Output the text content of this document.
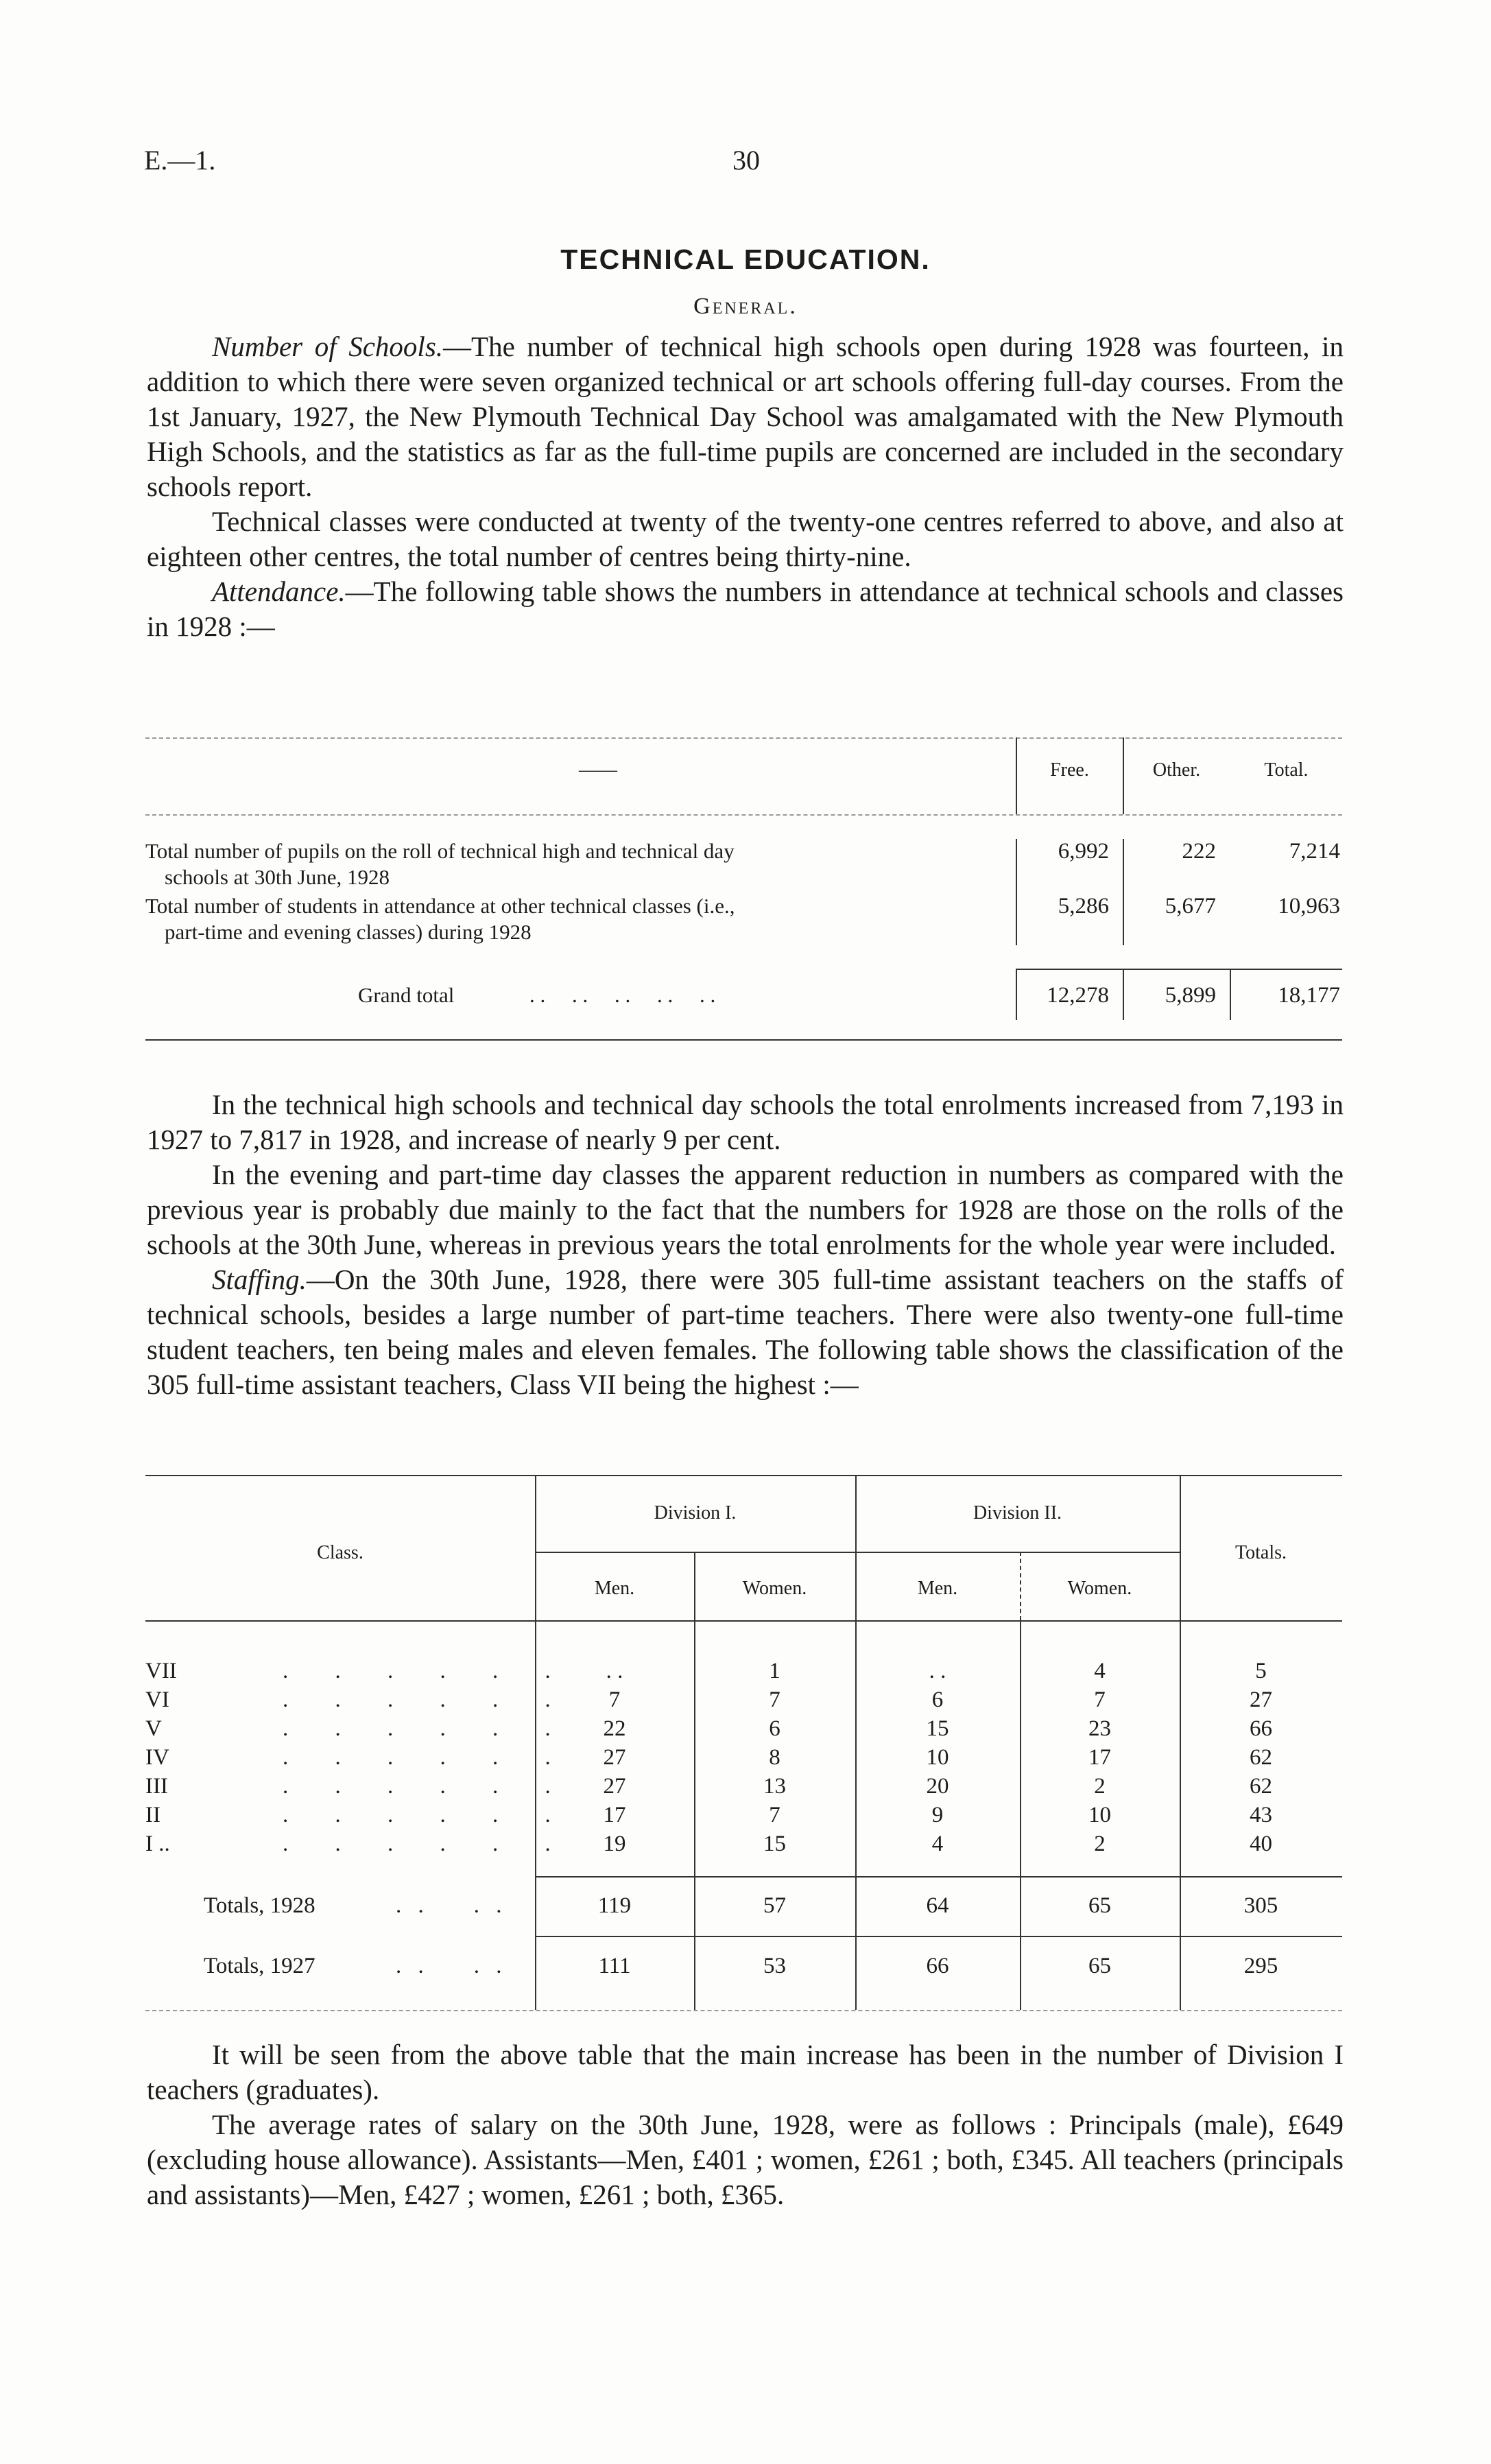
E.—1.	30
TECHNICAL EDUCATION.
General.

Number of Schools.—The number of technical high schools open during 1928 was fourteen, in addition to which there were seven organized technical or art schools offering full-day courses. From the 1st January, 1927, the New Plymouth Technical Day School was amalgamated with the New Plymouth High Schools, and the statistics as far as the full-time pupils are concerned are included in the secondary schools report.

Technical classes were conducted at twenty of the twenty-one centres referred to above, and also at eighteen other centres, the total number of centres being thirty-nine.

Attendance.—The following table shows the numbers in attendance at technical schools and classes in 1928 :—

——	Free.	Other.	Total.
Total number of pupils on the roll of technical high and technical day
schools at 30th June, 1928
6,992	222	7,214
Total number of students in attendance at other technical classes (i.e.,
part-time and evening classes) during 1928
5,286	5,677	10,963
Grand total	. .     . .     . .     . .     . .	12,278	5,899	18,177

In the technical high schools and technical day schools the total enrolments increased from 7,193 in 1927 to 7,817 in 1928, and increase of nearly 9 per cent.

In the evening and part-time day classes the apparent reduction in numbers as compared with the previous year is probably due mainly to the fact that the numbers for 1928 are those on the rolls of the schools at the 30th June, whereas in previous years the total enrolments for the whole year were included.

Staffing.—On the 30th June, 1928, there were 305 full-time assistant teachers on the staffs of technical schools, besides a large number of part-time teachers. There were also twenty-one full-time student teachers, ten being males and eleven females. The following table shows the classification of the 305 full-time assistant teachers, Class VII being the highest :—

Class.
Division I.	Division II.
Totals.
Men.	Women.	Men.	Women.
VII	. . . . . .	. .	1	. .	4	5
VI	. . . . . .	7	7	6	7	27
V	. . . . . .	22	6	15	23	66
IV	. . . . . .	27	8	10	17	62
III	. . . . . .	27	13	20	2	62
II	. . . . . .	17	7	9	10	43
I ..	. . . . . .	19	15	4	2	40
Totals, 1928	. .    . .	119	57	64	65	305
Totals, 1927	. .    . .	111	53	66	65	295

It will be seen from the above table that the main increase has been in the number of Division I teachers (graduates).

The average rates of salary on the 30th June, 1928, were as follows : Principals (male), £649 (excluding house allowance). Assistants—Men, £401 ; women, £261 ; both, £345. All teachers (principals and assistants)—Men, £427 ; women, £261 ; both, £365.
